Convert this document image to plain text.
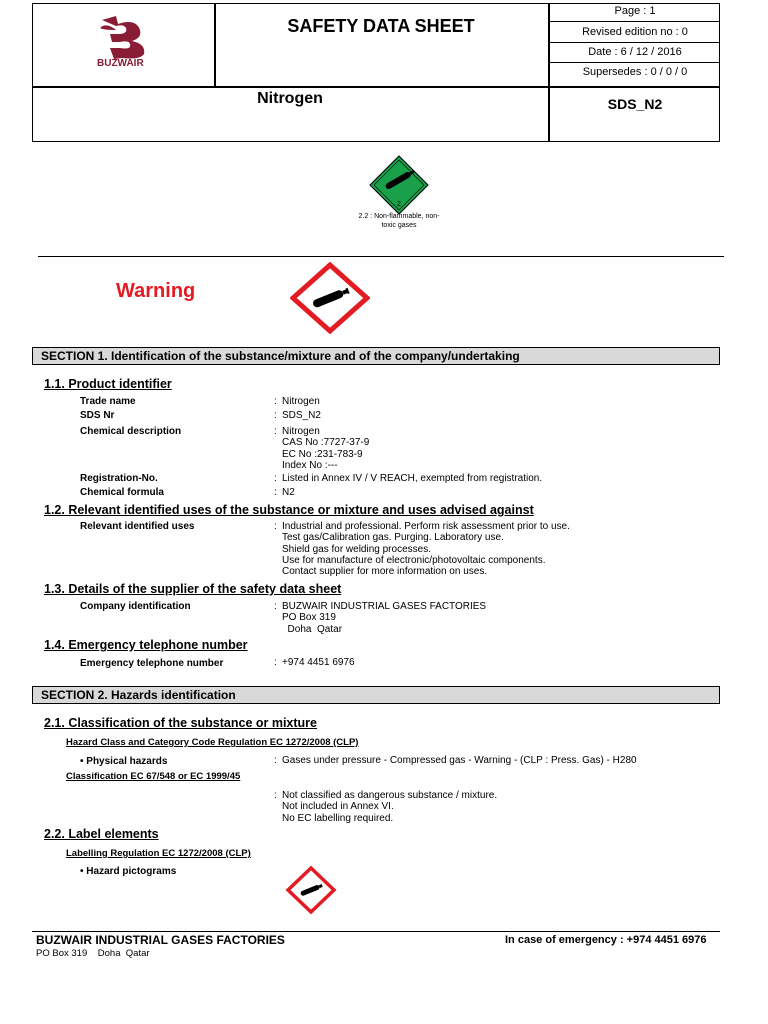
BUZWAIR
SAFETY DATA SHEET
Page : 1
Revised edition no : 0
Date : 6 / 12 / 2016
Supersedes : 0 / 0 / 0
Nitrogen	SDS_N2
2
2.2 : Non-flammable, non-
toxic gases
Warning
SECTION 1. Identification of the substance/mixture and of the company/undertaking
1.1. Product identifier
Trade name	: Nitrogen
SDS Nr	: SDS_N2
Chemical description	: Nitrogen
CAS No :7727-37-9
EC No :231-783-9
Index No :---
Registration-No.	: Listed in Annex IV / V REACH, exempted from registration.
Chemical formula	: N2
1.2. Relevant identified uses of the substance or mixture and uses advised against
Relevant identified uses	: Industrial and professional. Perform risk assessment prior to use.
Test gas/Calibration gas. Purging. Laboratory use.
Shield gas for welding processes.
Use for manufacture of electronic/photovoltaic components.
Contact supplier for more information on uses.
1.3. Details of the supplier of the safety data sheet
Company identification	: BUZWAIR INDUSTRIAL GASES FACTORIES
PO Box 319
Doha  Qatar
1.4. Emergency telephone number
Emergency telephone number	: +974 4451 6976
SECTION 2. Hazards identification
2.1. Classification of the substance or mixture
Hazard Class and Category Code Regulation EC 1272/2008 (CLP)
• Physical hazards	: Gases under pressure - Compressed gas - Warning - (CLP : Press. Gas) - H280
Classification EC 67/548 or EC 1999/45
: Not classified as dangerous substance / mixture.
Not included in Annex VI.
No EC labelling required.
2.2. Label elements
Labelling Regulation EC 1272/2008 (CLP)
• Hazard pictograms
BUZWAIR INDUSTRIAL GASES FACTORIES
PO Box 319    Doha  Qatar
In case of emergency : +974 4451 6976
